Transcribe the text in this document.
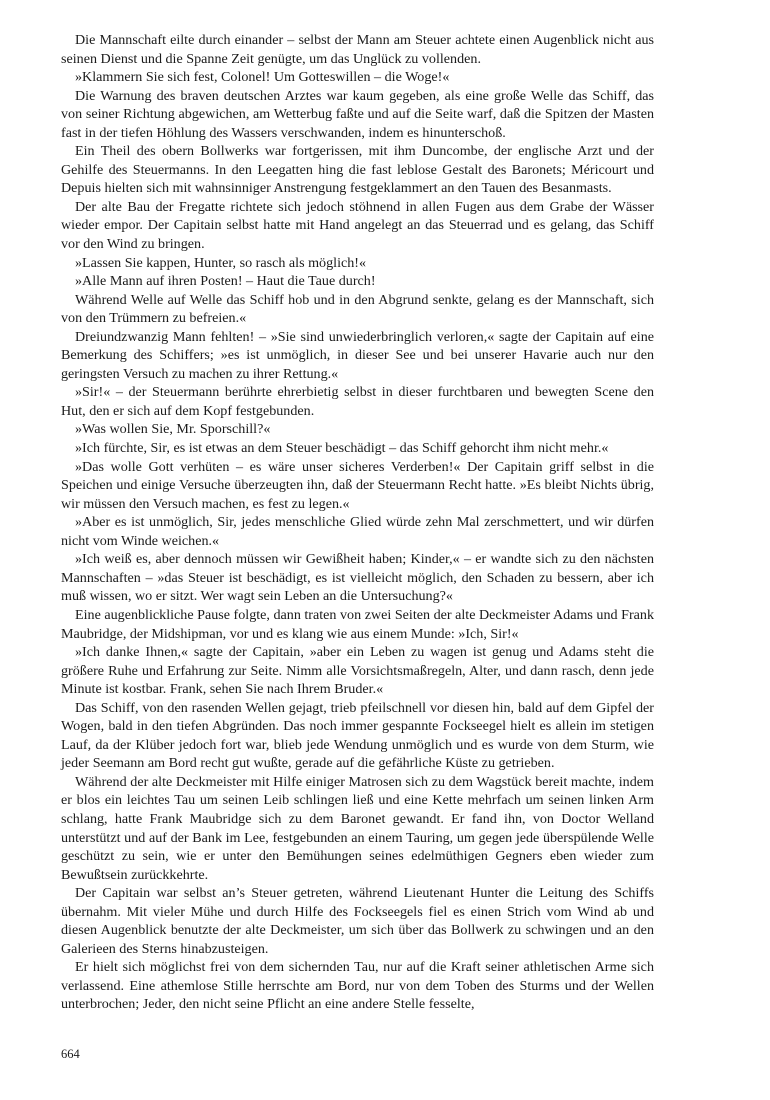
Die Mannschaft eilte durch einander – selbst der Mann am Steuer achtete einen Augenblick nicht aus seinen Dienst und die Spanne Zeit genügte, um das Unglück zu vollenden.

»Klammern Sie sich fest, Colonel! Um Gotteswillen – die Woge!«

Die Warnung des braven deutschen Arztes war kaum gegeben, als eine große Welle das Schiff, das von seiner Richtung abgewichen, am Wetterbug faßte und auf die Seite warf, daß die Spitzen der Masten fast in der tiefen Höhlung des Wassers verschwanden, indem es hinunterschoß.

Ein Theil des obern Bollwerks war fortgerissen, mit ihm Duncombe, der englische Arzt und der Gehilfe des Steuermanns. In den Leegatten hing die fast leblose Gestalt des Baronets; Méricourt und Depuis hielten sich mit wahnsinniger Anstrengung festgeklammert an den Tauen des Besanmasts.

Der alte Bau der Fregatte richtete sich jedoch stöhnend in allen Fugen aus dem Grabe der Wässer wieder empor. Der Capitain selbst hatte mit Hand angelegt an das Steuerrad und es gelang, das Schiff vor den Wind zu bringen.

»Lassen Sie kappen, Hunter, so rasch als möglich!«

»Alle Mann auf ihren Posten! – Haut die Taue durch!

Während Welle auf Welle das Schiff hob und in den Abgrund senkte, gelang es der Mannschaft, sich von den Trümmern zu befreien.«

Dreiundzwanzig Mann fehlten! – »Sie sind unwiederbringlich verloren,« sagte der Capitain auf eine Bemerkung des Schiffers; »es ist unmöglich, in dieser See und bei unserer Havarie auch nur den geringsten Versuch zu machen zu ihrer Rettung.«

»Sir!« – der Steuermann berührte ehrerbietig selbst in dieser furchtbaren und bewegten Scene den Hut, den er sich auf dem Kopf festgebunden.

»Was wollen Sie, Mr. Sporschill?«

»Ich fürchte, Sir, es ist etwas an dem Steuer beschädigt – das Schiff gehorcht ihm nicht mehr.«

»Das wolle Gott verhüten – es wäre unser sicheres Verderben!« Der Capitain griff selbst in die Speichen und einige Versuche überzeugten ihn, daß der Steuermann Recht hatte. »Es bleibt Nichts übrig, wir müssen den Versuch machen, es fest zu legen.«

»Aber es ist unmöglich, Sir, jedes menschliche Glied würde zehn Mal zerschmettert, und wir dürfen nicht vom Winde weichen.«

»Ich weiß es, aber dennoch müssen wir Gewißheit haben; Kinder,« – er wandte sich zu den nächsten Mannschaften – »das Steuer ist beschädigt, es ist vielleicht möglich, den Schaden zu bessern, aber ich muß wissen, wo er sitzt. Wer wagt sein Leben an die Untersuchung?«

Eine augenblickliche Pause folgte, dann traten von zwei Seiten der alte Deckmeister Adams und Frank Maubridge, der Midshipman, vor und es klang wie aus einem Munde: »Ich, Sir!«

»Ich danke Ihnen,« sagte der Capitain, »aber ein Leben zu wagen ist genug und Adams steht die größere Ruhe und Erfahrung zur Seite. Nimm alle Vorsichtsmaßregeln, Alter, und dann rasch, denn jede Minute ist kostbar. Frank, sehen Sie nach Ihrem Bruder.«

Das Schiff, von den rasenden Wellen gejagt, trieb pfeilschnell vor diesen hin, bald auf dem Gipfel der Wogen, bald in den tiefen Abgründen. Das noch immer gespannte Fockseegel hielt es allein im stetigen Lauf, da der Klüber jedoch fort war, blieb jede Wendung unmöglich und es wurde von dem Sturm, wie jeder Seemann am Bord recht gut wußte, gerade auf die gefährliche Küste zu getrieben.

Während der alte Deckmeister mit Hilfe einiger Matrosen sich zu dem Wagstück bereit machte, indem er blos ein leichtes Tau um seinen Leib schlingen ließ und eine Kette mehrfach um seinen linken Arm schlang, hatte Frank Maubridge sich zu dem Baronet gewandt. Er fand ihn, von Doctor Welland unterstützt und auf der Bank im Lee, festgebunden an einem Tauring, um gegen jede überspülende Welle geschützt zu sein, wie er unter den Bemühungen seines edelmüthigen Gegners eben wieder zum Bewußtsein zurückkehrte.

Der Capitain war selbst an’s Steuer getreten, während Lieutenant Hunter die Leitung des Schiffs übernahm. Mit vieler Mühe und durch Hilfe des Fockseegels fiel es einen Strich vom Wind ab und diesen Augenblick benutzte der alte Deckmeister, um sich über das Bollwerk zu schwingen und an den Galerieen des Sterns hinabzusteigen.

Er hielt sich möglichst frei von dem sichernden Tau, nur auf die Kraft seiner athletischen Arme sich verlassend. Eine athemlose Stille herrschte am Bord, nur von dem Toben des Sturms und der Wellen unterbrochen; Jeder, den nicht seine Pflicht an eine andere Stelle fesselte,

664
